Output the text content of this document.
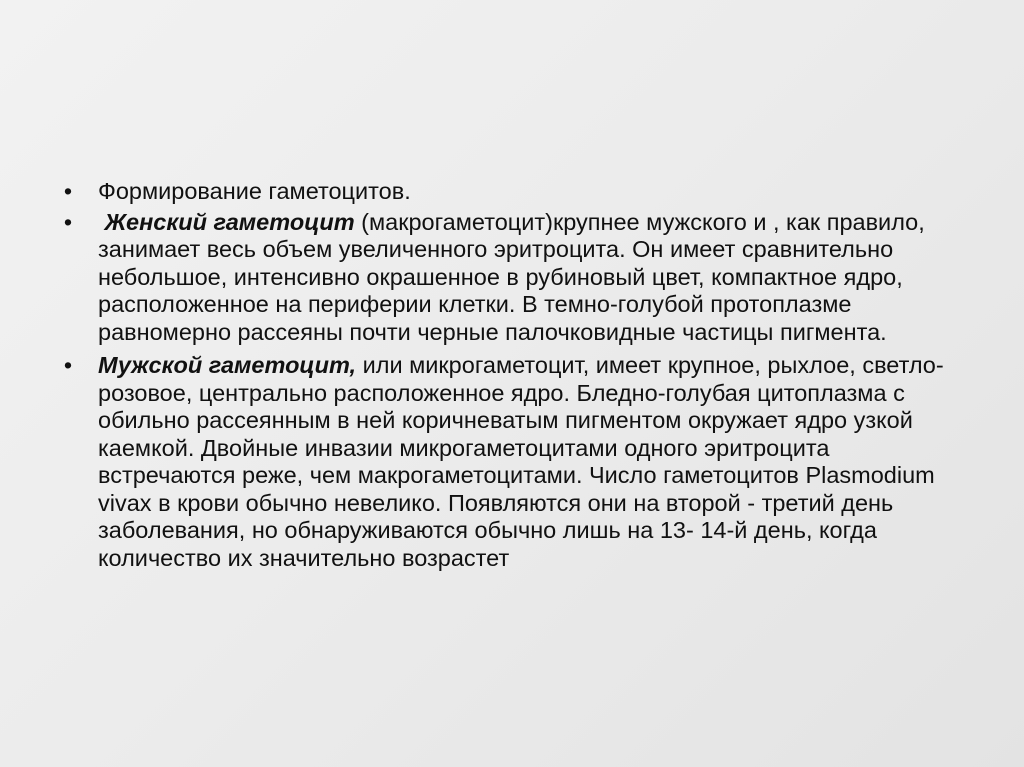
• Формирование гаметоцитов.
• Женский гаметоцит (макрогаметоцит)крупнее мужского и , как правило, занимает весь объем увеличенного эритроцита. Он имеет сравнительно небольшое, интенсивно окрашенное в рубиновый цвет, компактное ядро, расположенное на периферии клетки. В темно-голубой протоплазме равномерно рассеяны почти черные палочковидные частицы пигмента.
• Мужской гаметоцит, или микрогаметоцит, имеет крупное, рыхлое, светло-розовое, центрально расположенное ядро. Бледно-голубая цитоплазма с обильно рассеянным в ней коричневатым пигментом окружает ядро узкой каемкой. Двойные инвазии микрогаметоцитами одного эритроцита встречаются реже, чем макрогаметоцитами. Число гаметоцитов Plasmodium vivax в крови обычно невелико. Появляются они на второй - третий день заболевания, но обнаруживаются обычно лишь на 13- 14-й день, когда количество их значительно возрастет
